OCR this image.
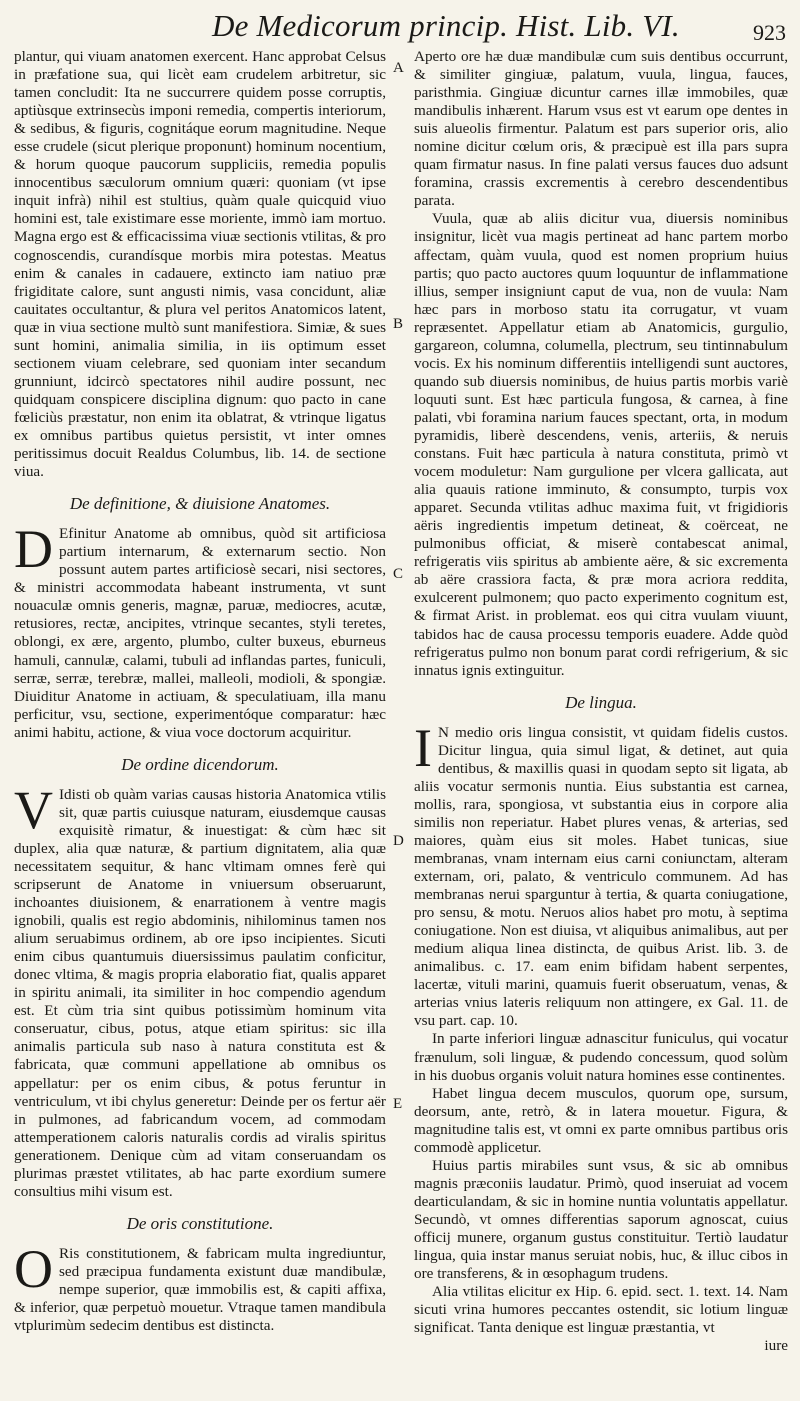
De Medicorum princip. Hist. Lib. VI.	923
A
B
C
D
E

plantur, qui viuam anatomen exercent. Hanc approbat Celsus in præfatione sua, qui licèt eam crudelem arbitretur, sic tamen concludit: Ita ne succurrere quidem posse corruptis, aptiùsque extrinsecùs imponi remedia, compertis interiorum, & sedibus, & figuris, cognitáque eorum magnitudine. Neque esse crudele (sicut plerique proponunt) hominum nocentium, & horum quoque paucorum suppliciis, remedia populis innocentibus sæculorum omnium quæri: quoniam (vt ipse inquit infrà) nihil est stultius, quàm quale quicquid viuo homini est, tale existimare esse moriente, immò iam mortuo. Magna ergo est & efficacissima viuæ sectionis vtilitas, & pro cognoscendis, curandísque morbis mira potestas. Meatus enim & canales in cadauere, extincto iam natiuo præ frigiditate calore, sunt angusti nimis, vasa concidunt, aliæ cauitates occultantur, & plura vel peritos Anatomicos latent, quæ in viua sectione multò sunt manifestiora. Simiæ, & sues sunt homini, animalia similia, in iis optimum esset sectionem viuam celebrare, sed quoniam inter secandum grunniunt, idcircò spectatores nihil audire possunt, nec quidquam conspicere disciplina dignum: quo pacto in cane fœliciùs præstatur, non enim ita oblatrat, & vtrinque ligatus ex omnibus partibus quietus persistit, vt inter omnes peritissimus docuit Realdus Columbus, lib. 14. de sectione viua.

De definitione, & diuisione Anatomes.

D Efinitur Anatome ab omnibus, quòd sit artificiosa partium internarum, & externarum sectio. Non possunt autem partes artificiosè secari, nisi sectores, & ministri accommodata habeant instrumenta, vt sunt nouaculæ omnis generis, magnæ, paruæ, mediocres, acutæ, retusiores, rectæ, ancipites, vtrinque secantes, styli teretes, oblongi, ex ære, argento, plumbo, culter buxeus, eburneus hamuli, cannulæ, calami, tubuli ad inflandas partes, funiculi, serræ, serræ, terebræ, mallei, malleoli, modioli, & spongiæ. Diuiditur Anatome in actiuam, & speculatiuam, illa manu perficitur, vsu, sectione, experimentóque comparatur: hæc animi habitu, actione, & viua voce doctorum acquiritur.

De ordine dicendorum.

V Idisti ob quàm varias causas historia Anatomica vtilis sit, quæ partis cuiusque naturam, eiusdemque causas exquisitè rimatur, & inuestigat: & cùm hæc sit duplex, alia quæ naturæ, & partium dignitatem, alia quæ necessitatem sequitur, & hanc vltimam omnes ferè qui scripserunt de Anatome in vniuersum obseruarunt, inchoantes diuisionem, & enarrationem à ventre magis ignobili, qualis est regio abdominis, nihilominus tamen nos alium seruabimus ordinem, ab ore ipso incipientes. Sicuti enim cibus quantumuis diuersissimus paulatim conficitur, donec vltima, & magis propria elaboratio fiat, qualis apparet in spiritu animali, ita similiter in hoc compendio agendum est. Et cùm tria sint quibus potissimùm hominum vita conseruatur, cibus, potus, atque etiam spiritus: sic illa animalis particula sub naso à natura constituta est & fabricata, quæ communi appellatione ab omnibus os appellatur: per os enim cibus, & potus feruntur in ventriculum, vt ibi chylus generetur: Deinde per os fertur aër in pulmones, ad fabricandum vocem, ad commodam attemperationem caloris naturalis cordis ad viralis spiritus generationem. Denique cùm ad vitam conseruandam os plurimas præstet vtilitates, ab hac parte exordium sumere consultius mihi visum est.

De oris constitutione.

O Ris constitutionem, & fabricam multa ingrediuntur, sed præcipua fundamenta existunt duæ mandibulæ, nempe superior, quæ immobilis est, & capiti affixa, & inferior, quæ perpetuò mouetur. Vtraque tamen mandibula vtplurimùm sedecim dentibus est distincta.

Aperto ore hæ duæ mandibulæ cum suis dentibus occurrunt, & similiter gingiuæ, palatum, vuula, lingua, fauces, paristhmia. Gingiuæ dicuntur carnes illæ immobiles, quæ mandibulis inhærent. Harum vsus est vt earum ope dentes in suis alueolis firmentur. Palatum est pars superior oris, alio nomine dicitur cœlum oris, & præcipuè est illa pars supra quam firmatur nasus. In fine palati versus fauces duo adsunt foramina, crassis excrementis à cerebro descendentibus parata.

Vuula, quæ ab aliis dicitur vua, diuersis nominibus insignitur, licèt vua magis pertineat ad hanc partem morbo affectam, quàm vuula, quod est nomen proprium huius partis; quo pacto auctores quum loquuntur de inflammatione illius, semper insigniunt caput de vua, non de vuula: Nam hæc pars in morboso statu ita corrugatur, vt vuam repræsentet. Appellatur etiam ab Anatomicis, gurgulio, gargareon, columna, columella, plectrum, seu tintinnabulum vocis. Ex his nominum differentiis intelligendi sunt auctores, quando sub diuersis nominibus, de huius partis morbis variè loquuti sunt. Est hæc particula fungosa, & carnea, à fine palati, vbi foramina narium fauces spectant, orta, in modum pyramidis, liberè descendens, venis, arteriis, & neruis constans. Fuit hæc particula à natura constituta, primò vt vocem moduletur: Nam gurgulione per vlcera gallicata, aut alia quauis ratione imminuto, & consumpto, turpis vox apparet. Secunda vtilitas adhuc maxima fuit, vt frigidioris aëris ingredientis impetum detineat, & coërceat, ne pulmonibus officiat, & miserè contabescat animal, refrigeratis viis spiritus ab ambiente aëre, & sic excrementa ab aëre crassiora facta, & præ mora acriora reddita, exulcerent pulmonem; quo pacto experimento cognitum est, & firmat Arist. in problemat. eos qui citra vuulam viuunt, tabidos hac de causa processu temporis euadere. Adde quòd refrigeratus pulmo non bonum parat cordi refrigerium, & sic innatus ignis extinguitur.

De lingua.

I N medio oris lingua consistit, vt quidam fidelis custos. Dicitur lingua, quia simul ligat, & detinet, aut quia dentibus, & maxillis quasi in quodam septo sit ligata, ab aliis vocatur sermonis nuntia. Eius substantia est carnea, mollis, rara, spongiosa, vt substantia eius in corpore alia similis non reperiatur. Habet plures venas, & arterias, sed maiores, quàm eius sit moles. Habet tunicas, siue membranas, vnam internam eius carni coniunctam, alteram externam, ori, palato, & ventriculo communem. Ad has membranas nerui sparguntur à tertia, & quarta coniugatione, pro sensu, & motu. Neruos alios habet pro motu, à septima coniugatione. Non est diuisa, vt aliquibus animalibus, aut per medium aliqua linea distincta, de quibus Arist. lib. 3. de animalibus. c. 17. eam enim bifidam habent serpentes, lacertæ, vituli marini, quamuis fuerit obseruatum, venas, & arterias vnius lateris reliquum non attingere, ex Gal. 11. de vsu part. cap. 10.

In parte inferiori linguæ adnascitur funiculus, qui vocatur frænulum, soli linguæ, & pudendo concessum, quod solùm in his duobus organis voluit natura homines esse continentes.

Habet lingua decem musculos, quorum ope, sursum, deorsum, ante, retrò, & in latera mouetur. Figura, & magnitudine talis est, vt omni ex parte omnibus partibus oris commodè applicetur.

Huius partis mirabiles sunt vsus, & sic ab omnibus magnis præconiis laudatur. Primò, quod inseruiat ad vocem dearticulandam, & sic in homine nuntia voluntatis appellatur. Secundò, vt omnes differentias saporum agnoscat, cuius officij munere, organum gustus constituitur. Tertiò laudatur lingua, quia instar manus seruiat nobis, huc, & illuc cibos in ore transferens, & in œsophagum trudens.

Alia vtilitas elicitur ex Hip. 6. epid. sect. 1. text. 14. Nam sicuti vrina humores peccantes ostendit, sic lotium linguæ significat. Tanta denique est linguæ præstantia, vt

iure
